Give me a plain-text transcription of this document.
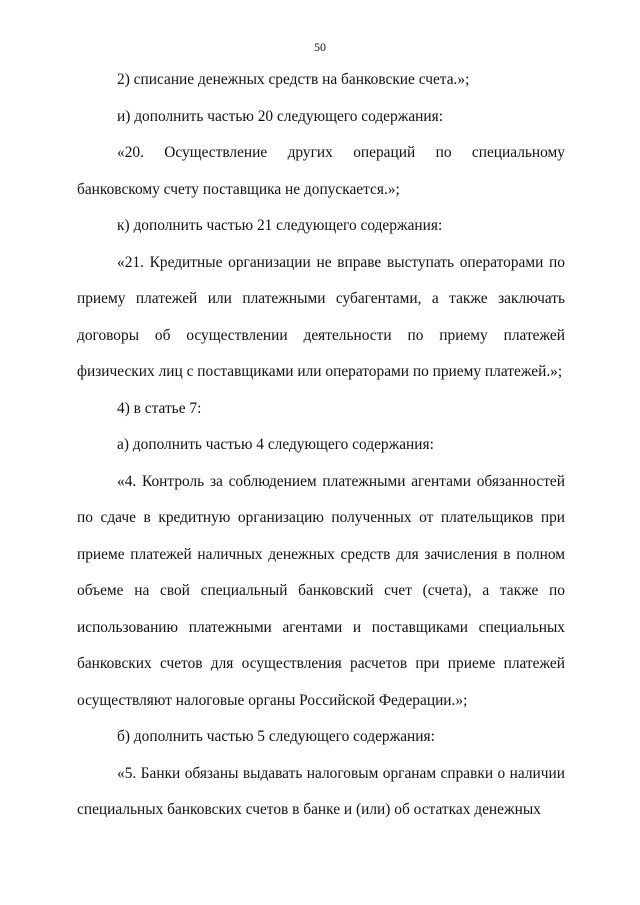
50

2) списание денежных средств на банковские счета.»;

и) дополнить частью 20 следующего содержания:

«20. Осуществление других операций по специальному банковскому счету поставщика не допускается.»;

к) дополнить частью 21 следующего содержания:

«21. Кредитные организации не вправе выступать операторами по приему платежей или платежными субагентами, а также заключать договоры об осуществлении деятельности по приему платежей физических лиц с поставщиками или операторами по приему платежей.»;

4) в статье 7:

а) дополнить частью 4 следующего содержания:

«4. Контроль за соблюдением платежными агентами обязанностей по сдаче в кредитную организацию полученных от плательщиков при приеме платежей наличных денежных средств для зачисления в полном объеме на свой специальный банковский счет (счета), а также по использованию платежными агентами и поставщиками специальных банковских счетов для осуществления расчетов при приеме платежей осуществляют налоговые органы Российской Федерации.»;

б) дополнить частью 5 следующего содержания:

«5. Банки обязаны выдавать налоговым органам справки о наличии специальных банковских счетов в банке и (или) об остатках денежных
